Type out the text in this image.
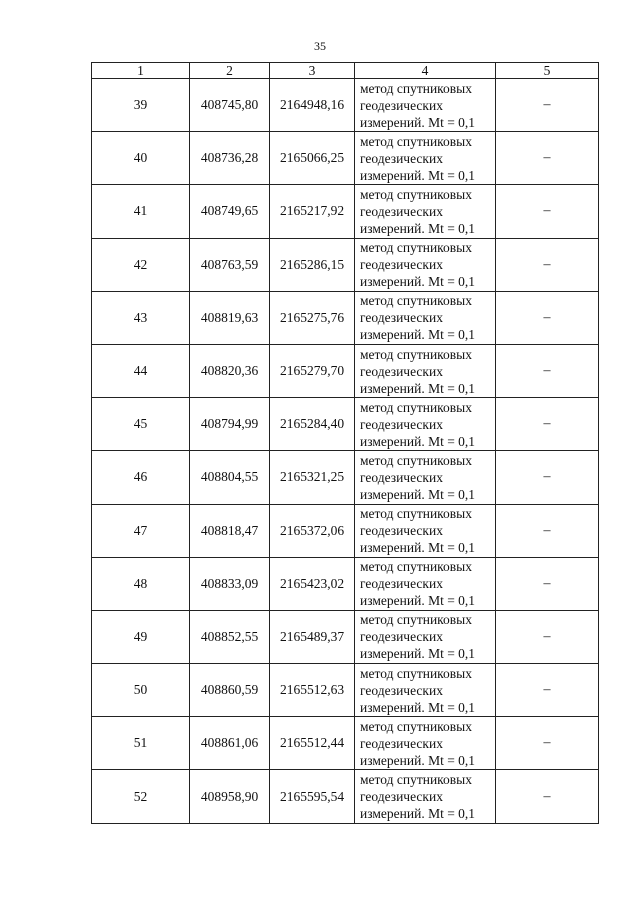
35
1	2	3	4	5
39	408745,80	2164948,16	метод спутниковых
геодезических
измерений. Mt = 0,1	–
40	408736,28	2165066,25	метод спутниковых
геодезических
измерений. Mt = 0,1	–
41	408749,65	2165217,92	метод спутниковых
геодезических
измерений. Mt = 0,1	–
42	408763,59	2165286,15	метод спутниковых
геодезических
измерений. Mt = 0,1	–
43	408819,63	2165275,76	метод спутниковых
геодезических
измерений. Mt = 0,1	–
44	408820,36	2165279,70	метод спутниковых
геодезических
измерений. Mt = 0,1	–
45	408794,99	2165284,40	метод спутниковых
геодезических
измерений. Mt = 0,1	–
46	408804,55	2165321,25	метод спутниковых
геодезических
измерений. Mt = 0,1	–
47	408818,47	2165372,06	метод спутниковых
геодезических
измерений. Mt = 0,1	–
48	408833,09	2165423,02	метод спутниковых
геодезических
измерений. Mt = 0,1	–
49	408852,55	2165489,37	метод спутниковых
геодезических
измерений. Mt = 0,1	–
50	408860,59	2165512,63	метод спутниковых
геодезических
измерений. Mt = 0,1	–
51	408861,06	2165512,44	метод спутниковых
геодезических
измерений. Mt = 0,1	–
52	408958,90	2165595,54	метод спутниковых
геодезических
измерений. Mt = 0,1	–
